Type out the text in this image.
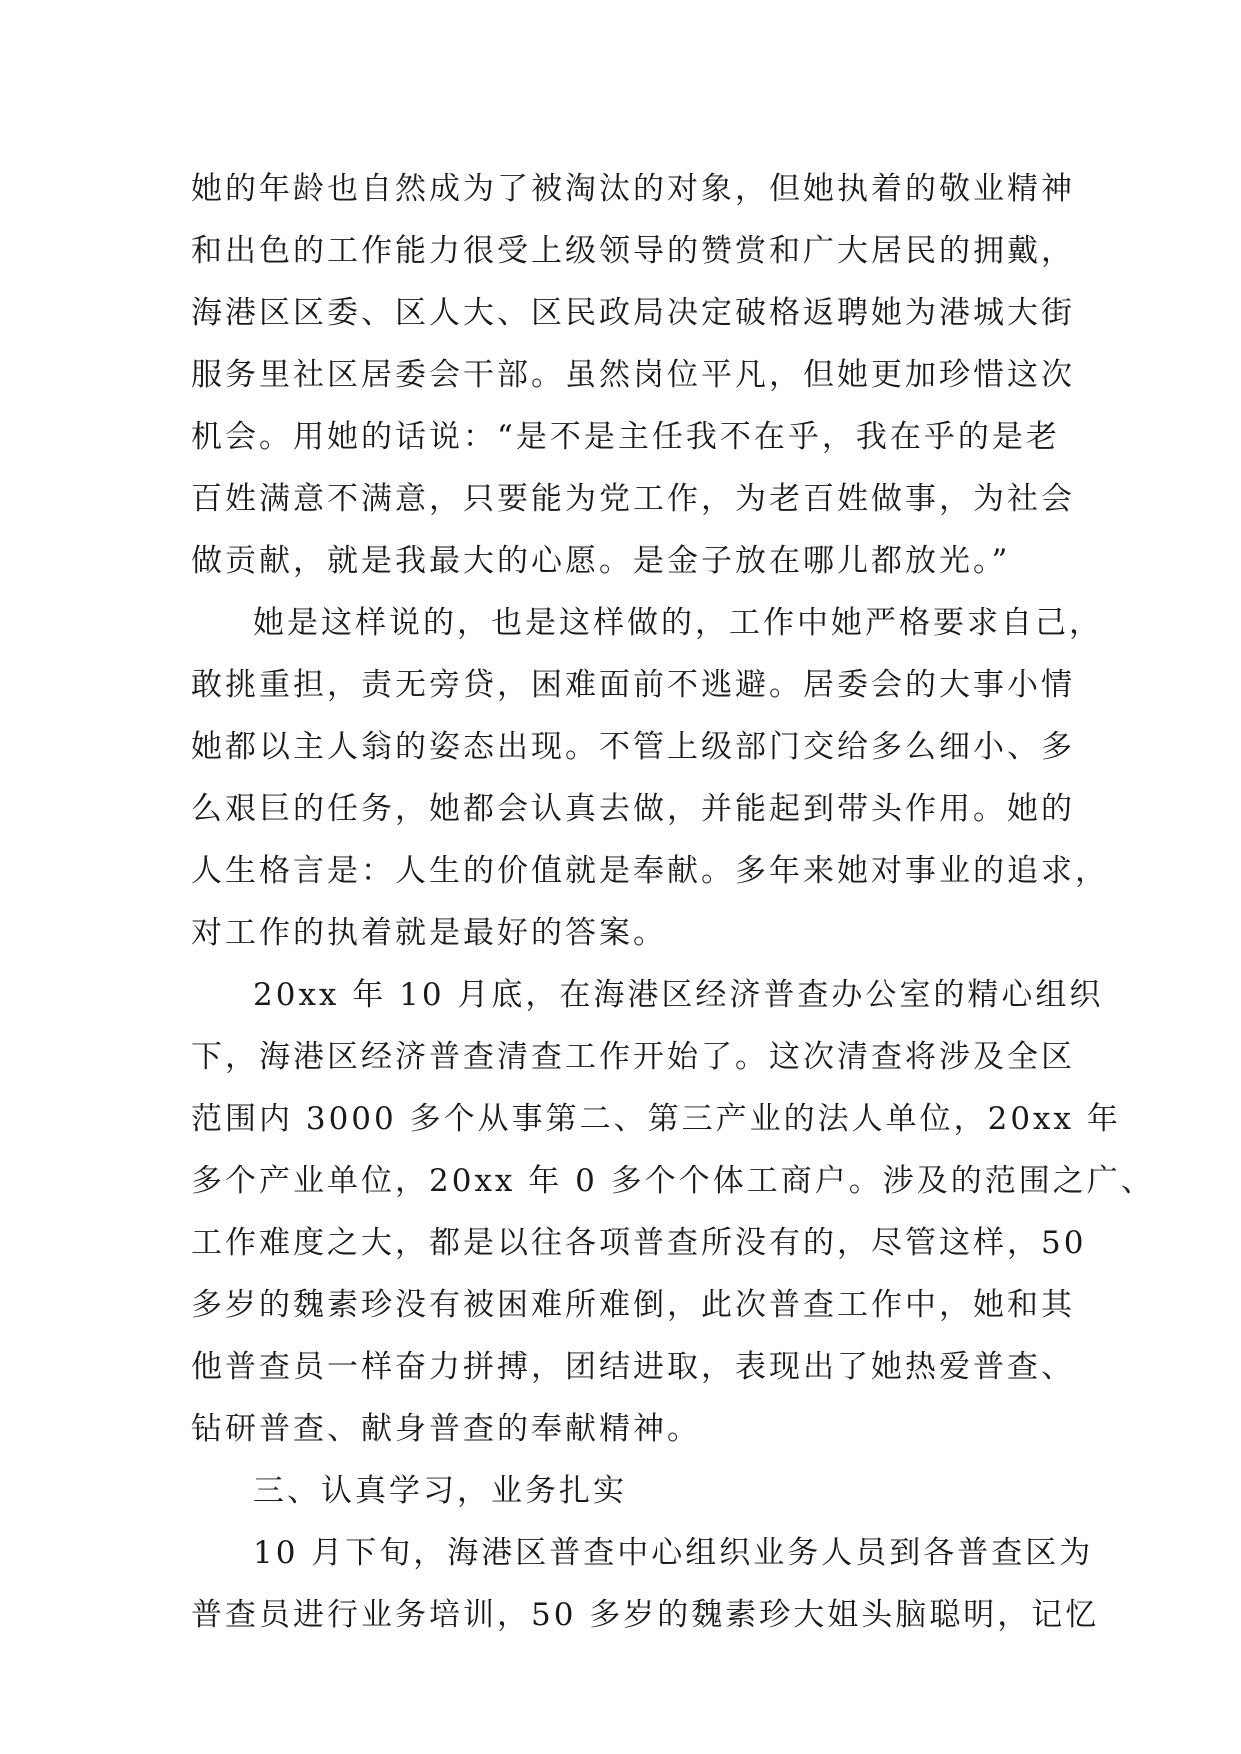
她的年龄也自然成为了被淘汰的对象，但她执着的敬业精神
和出色的工作能力很受上级领导的赞赏和广大居民的拥戴，
海港区区委、区人大、区民政局决定破格返聘她为港城大街
服务里社区居委会干部。虽然岗位平凡，但她更加珍惜这次
机会。用她的话说：“是不是主任我不在乎，我在乎的是老
百姓满意不满意，只要能为党工作，为老百姓做事，为社会
做贡献，就是我最大的心愿。是金子放在哪儿都放光。”
她是这样说的，也是这样做的，工作中她严格要求自己，
敢挑重担，责无旁贷，困难面前不逃避。居委会的大事小情
她都以主人翁的姿态出现。不管上级部门交给多么细小、多
么艰巨的任务，她都会认真去做，并能起到带头作用。她的
人生格言是：人生的价值就是奉献。多年来她对事业的追求，
对工作的执着就是最好的答案。
20xx 年 10 月底，在海港区经济普查办公室的精心组织
下，海港区经济普查清查工作开始了。这次清查将涉及全区
范围内 3000 多个从事第二、第三产业的法人单位，20xx 年
多个产业单位，20xx 年 0 多个个体工商户。涉及的范围之广、
工作难度之大，都是以往各项普查所没有的，尽管这样，50
多岁的魏素珍没有被困难所难倒，此次普查工作中，她和其
他普查员一样奋力拼搏，团结进取，表现出了她热爱普查、
钻研普查、献身普查的奉献精神。
三、认真学习，业务扎实
10 月下旬，海港区普查中心组织业务人员到各普查区为
普查员进行业务培训，50 多岁的魏素珍大姐头脑聪明，记忆
